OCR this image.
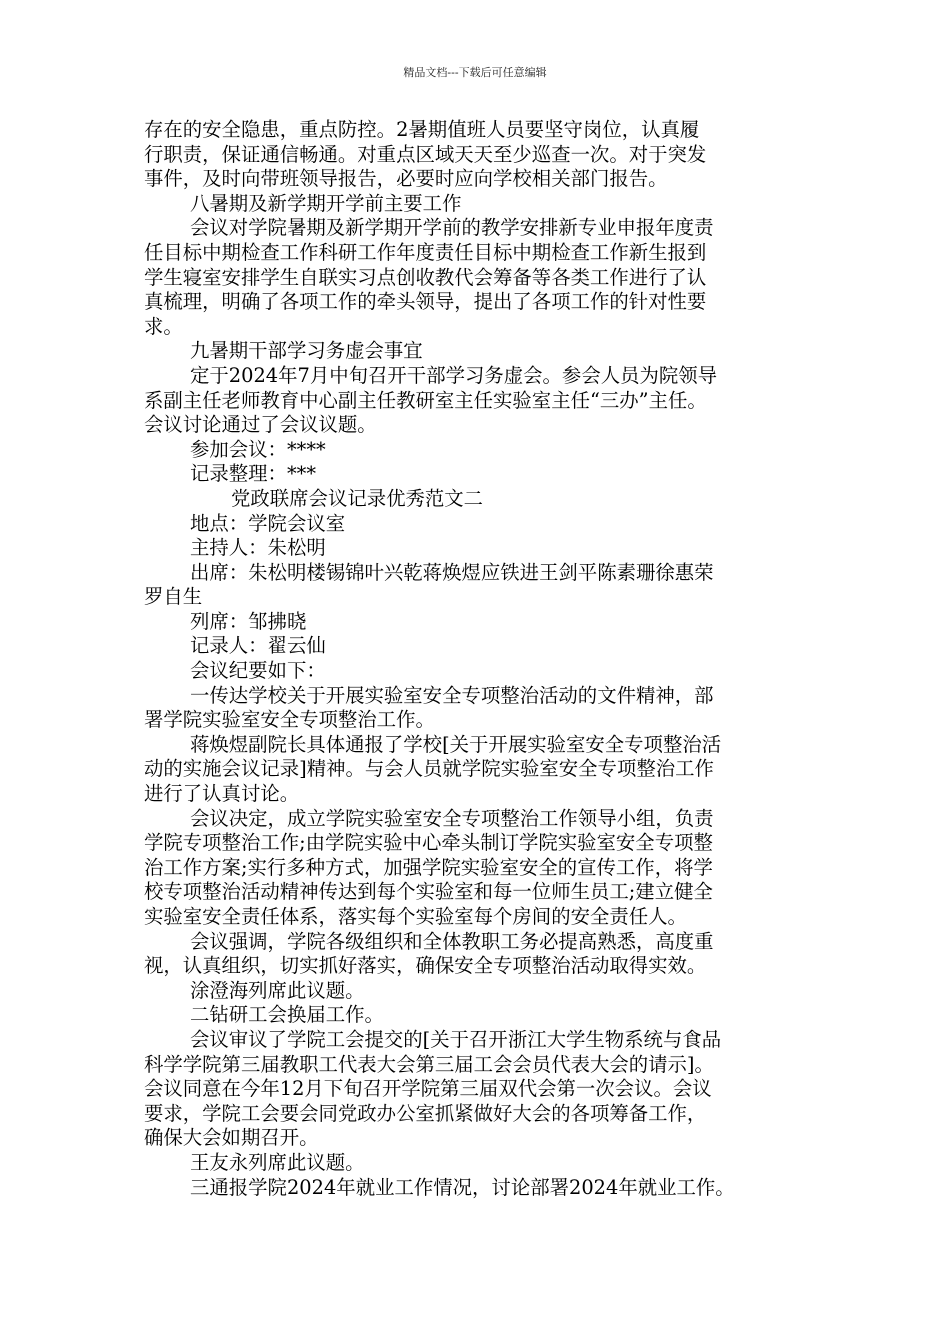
精品文档---下载后可任意编辑
存在的安全隐患，重点防控。2暑期值班人员要坚守岗位，认真履
行职责，保证通信畅通。对重点区域天天至少巡查一次。对于突发
事件，及时向带班领导报告，必要时应向学校相关部门报告。
八暑期及新学期开学前主要工作
会议对学院暑期及新学期开学前的教学安排新专业申报年度责
任目标中期检查工作科研工作年度责任目标中期检查工作新生报到
学生寝室安排学生自联实习点创收教代会筹备等各类工作进行了认
真梳理，明确了各项工作的牵头领导，提出了各项工作的针对性要
求。
九暑期干部学习务虚会事宜
定于2024年7月中旬召开干部学习务虚会。参会人员为院领导
系副主任老师教育中心副主任教研室主任实验室主任“三办”主任。
会议讨论通过了会议议题。
参加会议：****
记录整理：***
党政联席会议记录优秀范文二
地点：学院会议室
主持人：朱松明
出席：朱松明楼锡锦叶兴乾蒋焕煜应铁进王剑平陈素珊徐惠荣
罗自生
列席：邹拂晓
记录人：翟云仙
会议纪要如下：
一传达学校关于开展实验室安全专项整治活动的文件精神，部
署学院实验室安全专项整治工作。
蒋焕煜副院长具体通报了学校[关于开展实验室安全专项整治活
动的实施会议记录]精神。与会人员就学院实验室安全专项整治工作
进行了认真讨论。
会议决定，成立学院实验室安全专项整治工作领导小组，负责
学院专项整治工作;由学院实验中心牵头制订学院实验室安全专项整
治工作方案;实行多种方式，加强学院实验室安全的宣传工作，将学
校专项整治活动精神传达到每个实验室和每一位师生员工;建立健全
实验室安全责任体系，落实每个实验室每个房间的安全责任人。
会议强调，学院各级组织和全体教职工务必提高熟悉，高度重
视，认真组织，切实抓好落实，确保安全专项整治活动取得实效。
涂澄海列席此议题。
二钻研工会换届工作。
会议审议了学院工会提交的[关于召开浙江大学生物系统与食品
科学学院第三届教职工代表大会第三届工会会员代表大会的请示]。
会议同意在今年12月下旬召开学院第三届双代会第一次会议。会议
要求，学院工会要会同党政办公室抓紧做好大会的各项筹备工作，
确保大会如期召开。
王友永列席此议题。
三通报学院2024年就业工作情况，讨论部署2024年就业工作。
